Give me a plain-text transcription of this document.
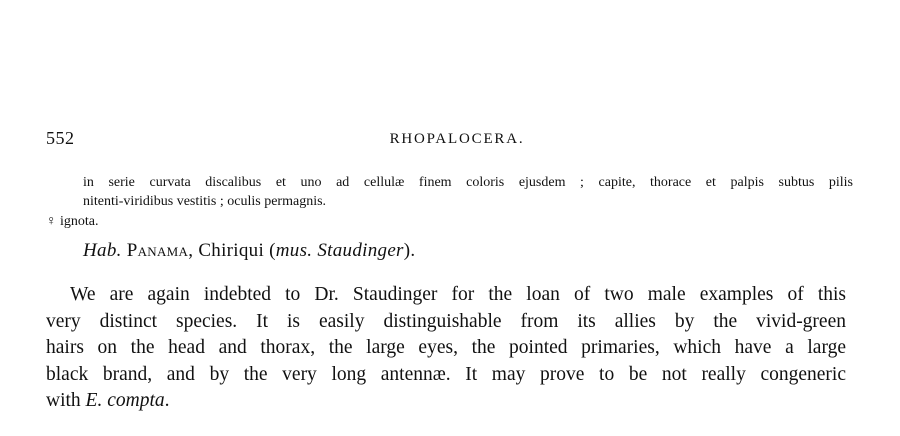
552	RHOPALOCERA.
in serie curvata discalibus et uno ad cellulæ finem coloris ejusdem ; capite, thorace et palpis subtus pilis
nitenti-viridibus vestitis ; oculis permagnis.
♀ ignota.
Hab. Panama, Chiriqui (mus. Staudinger).
We are again indebted to Dr. Staudinger for the loan of two male examples of this
very distinct species. It is easily distinguishable from its allies by the vivid-green
hairs on the head and thorax, the large eyes, the pointed primaries, which have a large
black brand, and by the very long antennæ. It may prove to be not really congeneric
with E. compta.
